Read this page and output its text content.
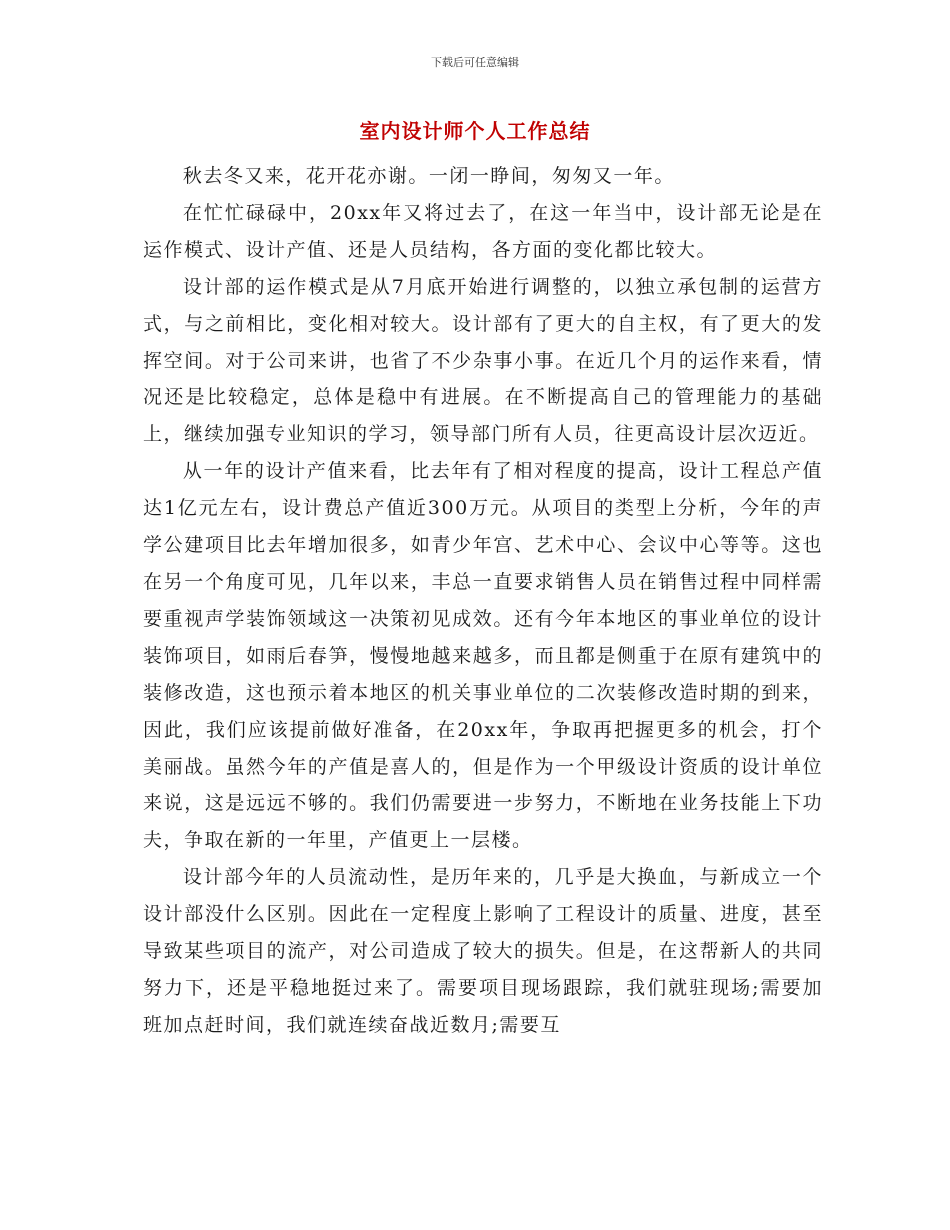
下载后可任意编辑
室内设计师个人工作总结

秋去冬又来，花开花亦谢。一闭一睁间，匆匆又一年。

在忙忙碌碌中，20xx年又将过去了，在这一年当中，设计部无论是在运作模式、设计产值、还是人员结构，各方面的变化都比较大。

设计部的运作模式是从7月底开始进行调整的，以独立承包制的运营方式，与之前相比，变化相对较大。设计部有了更大的自主权，有了更大的发挥空间。对于公司来讲，也省了不少杂事小事。在近几个月的运作来看，情况还是比较稳定，总体是稳中有进展。在不断提高自己的管理能力的基础上，继续加强专业知识的学习，领导部门所有人员，往更高设计层次迈近。

从一年的设计产值来看，比去年有了相对程度的提高，设计工程总产值达1亿元左右，设计费总产值近300万元。从项目的类型上分析，今年的声学公建项目比去年增加很多，如青少年宫、艺术中心、会议中心等等。这也在另一个角度可见，几年以来，丰总一直要求销售人员在销售过程中同样需要重视声学装饰领域这一决策初见成效。还有今年本地区的事业单位的设计装饰项目，如雨后春笋，慢慢地越来越多，而且都是侧重于在原有建筑中的装修改造，这也预示着本地区的机关事业单位的二次装修改造时期的到来，因此，我们应该提前做好准备，在20xx年，争取再把握更多的机会，打个美丽战。虽然今年的产值是喜人的，但是作为一个甲级设计资质的设计单位来说，这是远远不够的。我们仍需要进一步努力，不断地在业务技能上下功夫，争取在新的一年里，产值更上一层楼。

设计部今年的人员流动性，是历年来的，几乎是大换血，与新成立一个设计部没什么区别。因此在一定程度上影响了工程设计的质量、进度，甚至导致某些项目的流产，对公司造成了较大的损失。但是，在这帮新人的共同努力下，还是平稳地挺过来了。需要项目现场跟踪，我们就驻现场;需要加班加点赶时间，我们就连续奋战近数月;需要互
